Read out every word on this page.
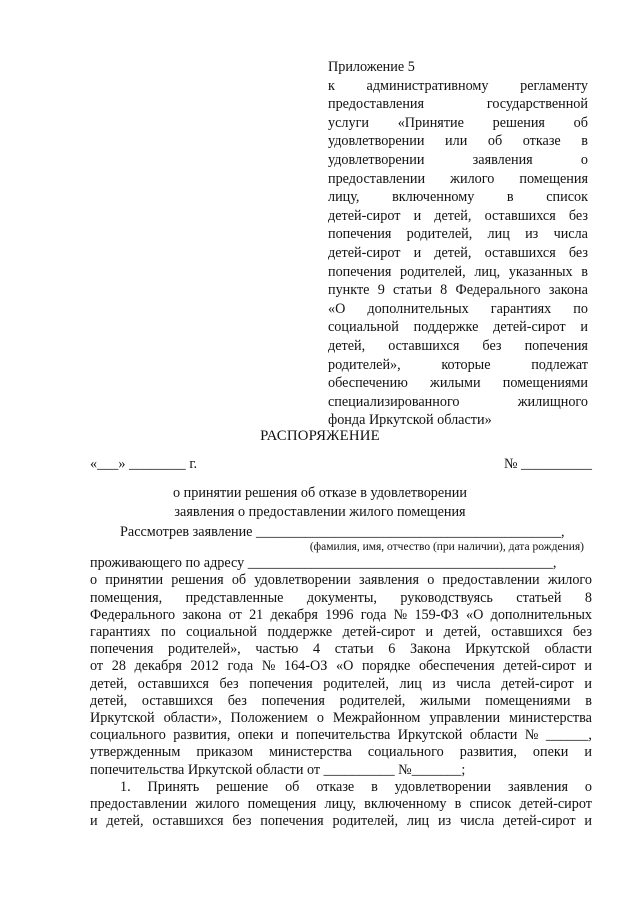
Приложение 5
к административному регламенту
предоставления	государственной
услуги «Принятие решения об
удовлетворении или об отказе в
удовлетворении	заявления	о
предоставлении жилого помещения
лицу, включенному в список
детей-сирот и детей, оставшихся без
попечения родителей, лиц из числа
детей-сирот и детей, оставшихся без
попечения родителей, лиц, указанных в
пункте 9 статьи 8 Федерального закона
«О дополнительных гарантиях по
социальной поддержке детей-сирот и
детей, оставшихся без попечения
родителей»,	которые	подлежат
обеспечению жилыми помещениями
специализированного	жилищного
фонда Иркутской области»
РАСПОРЯЖЕНИЕ
«___» ________ г.	№ __________
о принятии решения об отказе в удовлетворении
заявления о предоставлении жилого помещения
Рассмотрев заявление ___________________________________________,
(фамилия, имя, отчество (при наличии), дата рождения)
проживающего по адресу ___________________________________________,
о принятии решения об удовлетворении заявления о предоставлении жилого
помещения, представленные документы, руководствуясь статьей 8
Федерального закона от 21 декабря 1996 года № 159-ФЗ «О дополнительных
гарантиях по социальной поддержке детей-сирот и детей, оставшихся без
попечения родителей», частью 4 статьи 6 Закона Иркутской области
от 28 декабря 2012 года № 164-ОЗ «О порядке обеспечения детей-сирот и
детей, оставшихся без попечения родителей, лиц из числа детей-сирот и
детей, оставшихся без попечения родителей, жилыми помещениями в
Иркутской области», Положением о Межрайонном управлении министерства
социального развития, опеки и попечительства Иркутской области № ______,
утвержденным приказом министерства социального развития, опеки и
попечительства Иркутской области от __________ №_______;
1. Принять решение об отказе в удовлетворении заявления о
предоставлении жилого помещения лицу, включенному в список детей-сирот
и детей, оставшихся без попечения родителей, лиц из числа детей-сирот и
